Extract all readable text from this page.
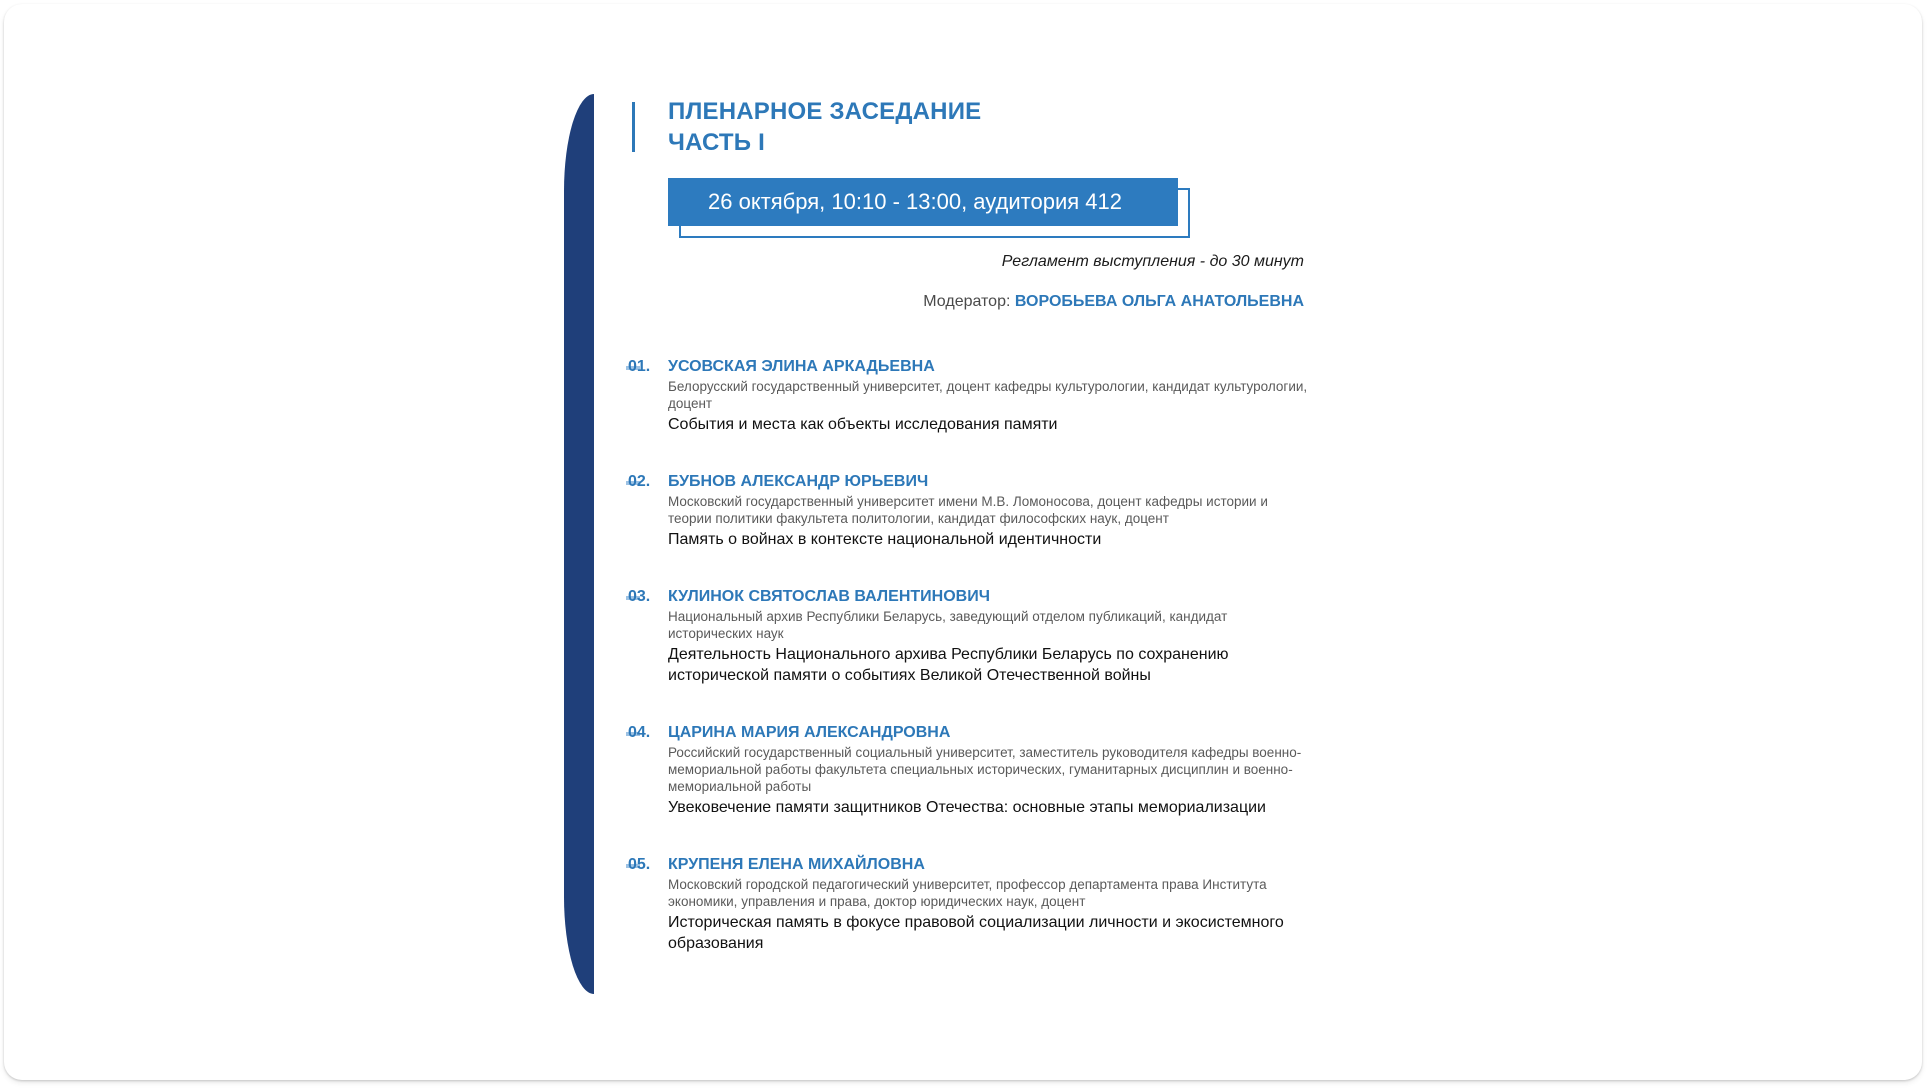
ПЛЕНАРНОЕ ЗАСЕДАНИЕ
ЧАСТЬ I
26 октября, 10:10 - 13:00, аудитория 412
Регламент выступления - до 30 минут
Модератор: ВОРОБЬЕВА ОЛЬГА АНАТОЛЬЕВНА
01. УСОВСКАЯ ЭЛИНА АРКАДЬЕВНА
Белорусский государственный университет, доцент кафедры культурологии, кандидат культурологии, доцент
События и места как объекты исследования памяти
02. БУБНОВ АЛЕКСАНДР ЮРЬЕВИЧ
Московский государственный университет имени М.В. Ломоносова, доцент кафедры истории и теории политики факультета политологии, кандидат философских наук, доцент
Память о войнах в контексте национальной идентичности
03. КУЛИНОК СВЯТОСЛАВ ВАЛЕНТИНОВИЧ
Национальный архив Республики Беларусь, заведующий отделом публикаций, кандидат исторических наук
Деятельность Национального архива Республики Беларусь по сохранению исторической памяти о событиях Великой Отечественной войны
04. ЦАРИНА МАРИЯ АЛЕКСАНДРОВНА
Российский государственный социальный университет, заместитель руководителя кафедры военно-мемориальной работы факультета специальных исторических, гуманитарных дисциплин и военно-мемориальной работы
Увековечение памяти защитников Отечества: основные этапы мемориализации
05. КРУПЕНЯ ЕЛЕНА МИХАЙЛОВНА
Московский городской педагогический университет, профессор департамента права Института экономики, управления и права, доктор юридических наук, доцент
Историческая память в фокусе правовой социализации личности и экосистемного образования
